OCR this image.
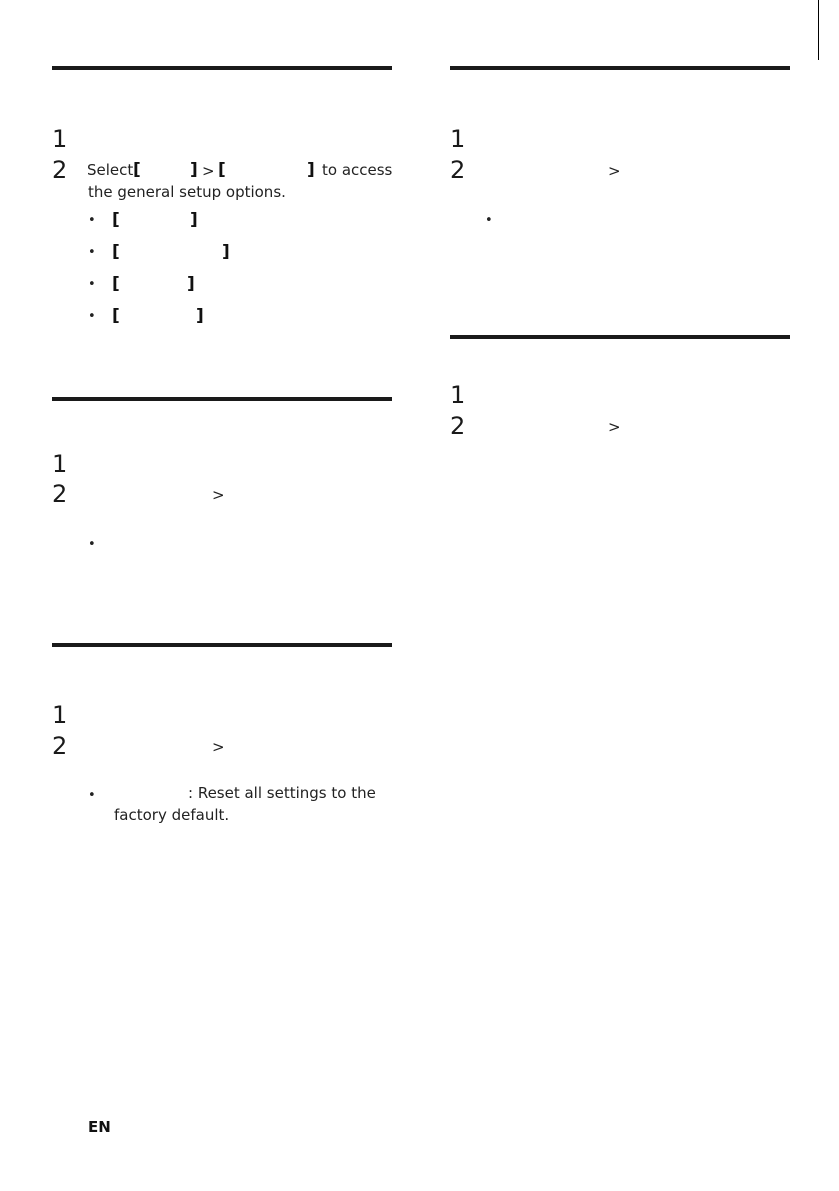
1
2 Select [	] > [	] to access
the general setup options.
• [	]
• [	]
• [	]
• [	]
1
2	>
•
1
2	>
•	: Reset all settings to the
factory default.
1
2	>
•
1
2	>
EN
